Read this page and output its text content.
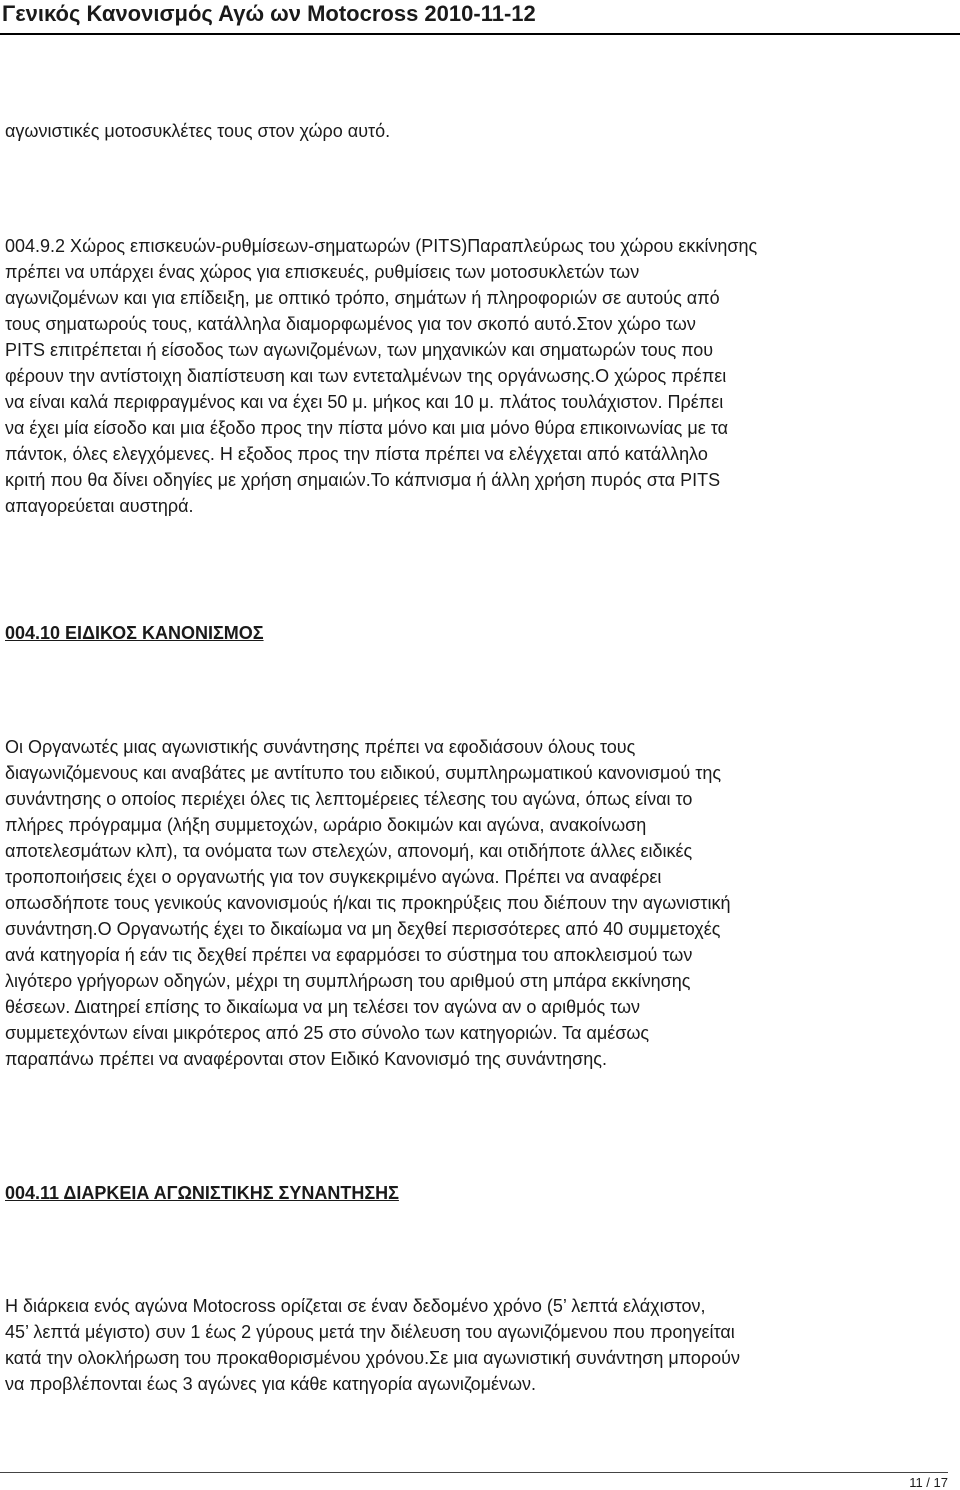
Γενικός Κανονισμός Αγώ ων Motocross 2010-11-12
αγωνιστικές μοτοσυκλέτες τους στον χώρο αυτό.
004.9.2 Χώρος επισκευών-ρυθμίσεων-σηματωρών (PITS)Παραπλεύρως του χώρου εκκίνησης
πρέπει να υπάρχει ένας χώρος για επισκευές, ρυθμίσεις των μοτοσυκλετών των
αγωνιζομένων και για επίδειξη, με οπτικό τρόπο, σημάτων ή πληροφοριών σε αυτούς από
τους σηματωρούς τους, κατάλληλα διαμορφωμένος για τον σκοπό αυτό.Στον χώρο των
PITS επιτρέπεται ή είσοδος των αγωνιζομένων, των μηχανικών και σηματωρών τους που
φέρουν την αντίστοιχη διαπίστευση και των εντεταλμένων της οργάνωσης.Ο χώρος πρέπει
να είναι καλά περιφραγμένος και να έχει 50 μ. μήκος και 10 μ. πλάτος τουλάχιστον. Πρέπει
να έχει μία είσοδο και μια έξοδο προς την πίστα μόνο και μια μόνο θύρα επικοινωνίας με τα
πάντοκ, όλες ελεγχόμενες. Η εξοδος προς την πίστα πρέπει να ελέγχεται από κατάλληλο
κριτή που θα δίνει οδηγίες με χρήση σημαιών.Το κάπνισμα ή άλλη χρήση πυρός στα PITS
απαγορεύεται αυστηρά.
004.10 ΕΙΔΙΚΟΣ ΚΑΝΟΝΙΣΜΟΣ
Οι Οργανωτές μιας αγωνιστικής συνάντησης πρέπει να εφοδιάσουν όλους τους
διαγωνιζόμενους και αναβάτες με αντίτυπο του ειδικού, συμπληρωματικού κανονισμού της
συνάντησης ο οποίος περιέχει όλες τις λεπτομέρειες τέλεσης του αγώνα, όπως είναι το
πλήρες πρόγραμμα (λήξη συμμετοχών, ωράριο δοκιμών και αγώνα, ανακοίνωση
αποτελεσμάτων κλπ), τα ονόματα των στελεχών, απονομή, και οτιδήποτε άλλες ειδικές
τροποποιήσεις έχει ο οργανωτής για τον συγκεκριμένο αγώνα. Πρέπει να αναφέρει
οπωσδήποτε τους γενικούς κανονισμούς ή/και τις προκηρύξεις που διέπουν την αγωνιστική
συνάντηση.Ο Οργανωτής έχει το δικαίωμα να μη δεχθεί περισσότερες από 40 συμμετοχές
ανά κατηγορία ή εάν τις δεχθεί πρέπει να εφαρμόσει το σύστημα του αποκλεισμού των
λιγότερο γρήγορων οδηγών, μέχρι τη συμπλήρωση του αριθμού στη μπάρα εκκίνησης
θέσεων. Διατηρεί επίσης το δικαίωμα να μη τελέσει τον αγώνα αν ο αριθμός των
συμμετεχόντων είναι μικρότερος από 25 στο σύνολο των κατηγοριών. Τα αμέσως
παραπάνω πρέπει να αναφέρονται στον Ειδικό Κανονισμό της συνάντησης.
004.11 ΔΙΑΡΚΕΙΑ ΑΓΩΝΙΣΤΙΚΗΣ ΣΥΝΑΝΤΗΣΗΣ
Η διάρκεια ενός αγώνα Motocross ορίζεται σε έναν δεδομένο χρόνο (5’ λεπτά ελάχιστον,
45’ λεπτά μέγιστο) συν 1 έως 2 γύρους μετά την διέλευση του αγωνιζόμενου που προηγείται
κατά την ολοκλήρωση του προκαθορισμένου χρόνου.Σε μια αγωνιστική συνάντηση μπορούν
να προβλέπονται έως 3 αγώνες για κάθε κατηγορία αγωνιζομένων.
11 / 17
